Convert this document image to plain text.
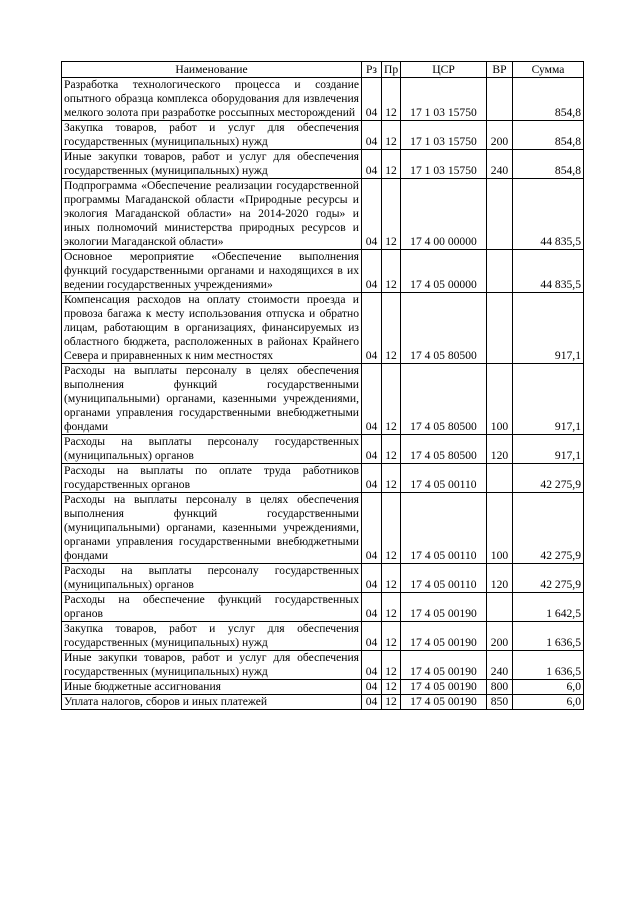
Наименование	Рз	Пр	ЦСР	ВР	Сумма
Разработка технологического процесса и создание опытного образца комплекса оборудования для извлечения мелкого золота при разработке россыпных месторождений	04	12	17 1 03 15750		854,8
Закупка товаров, работ и услуг для обеспечения государственных (муниципальных) нужд	04	12	17 1 03 15750	200	854,8
Иные закупки товаров, работ и услуг для обеспечения государственных (муниципальных) нужд	04	12	17 1 03 15750	240	854,8
Подпрограмма «Обеспечение реализации государственной программы Магаданской области «Природные ресурсы и экология Магаданской области» на 2014-2020 годы» и иных полномочий министерства природных ресурсов и экологии Магаданской области»	04	12	17 4 00 00000		44 835,5
Основное мероприятие «Обеспечение выполнения функций государственными органами и находящихся в их ведении государственных учреждениями»	04	12	17 4 05 00000		44 835,5
Компенсация расходов на оплату стоимости проезда и провоза багажа к месту использования отпуска и обратно лицам, работающим в организациях, финансируемых из областного бюджета, расположенных в районах Крайнего Севера и приравненных к ним местностях	04	12	17 4 05 80500		917,1
Расходы на выплаты персоналу в целях обеспечения выполнения функций государственными (муниципальными) органами, казенными учреждениями, органами управления государственными внебюджетными фондами	04	12	17 4 05 80500	100	917,1
Расходы на выплаты персоналу государственных (муниципальных) органов	04	12	17 4 05 80500	120	917,1
Расходы на выплаты по оплате труда работников государственных органов	04	12	17 4 05 00110		42 275,9
Расходы на выплаты персоналу в целях обеспечения выполнения функций государственными (муниципальными) органами, казенными учреждениями, органами управления государственными внебюджетными фондами	04	12	17 4 05 00110	100	42 275,9
Расходы на выплаты персоналу государственных (муниципальных) органов	04	12	17 4 05 00110	120	42 275,9
Расходы на обеспечение функций государственных органов	04	12	17 4 05 00190		1 642,5
Закупка товаров, работ и услуг для обеспечения государственных (муниципальных) нужд	04	12	17 4 05 00190	200	1 636,5
Иные закупки товаров, работ и услуг для обеспечения государственных (муниципальных) нужд	04	12	17 4 05 00190	240	1 636,5
Иные бюджетные ассигнования	04	12	17 4 05 00190	800	6,0
Уплата налогов, сборов и иных платежей	04	12	17 4 05 00190	850	6,0
